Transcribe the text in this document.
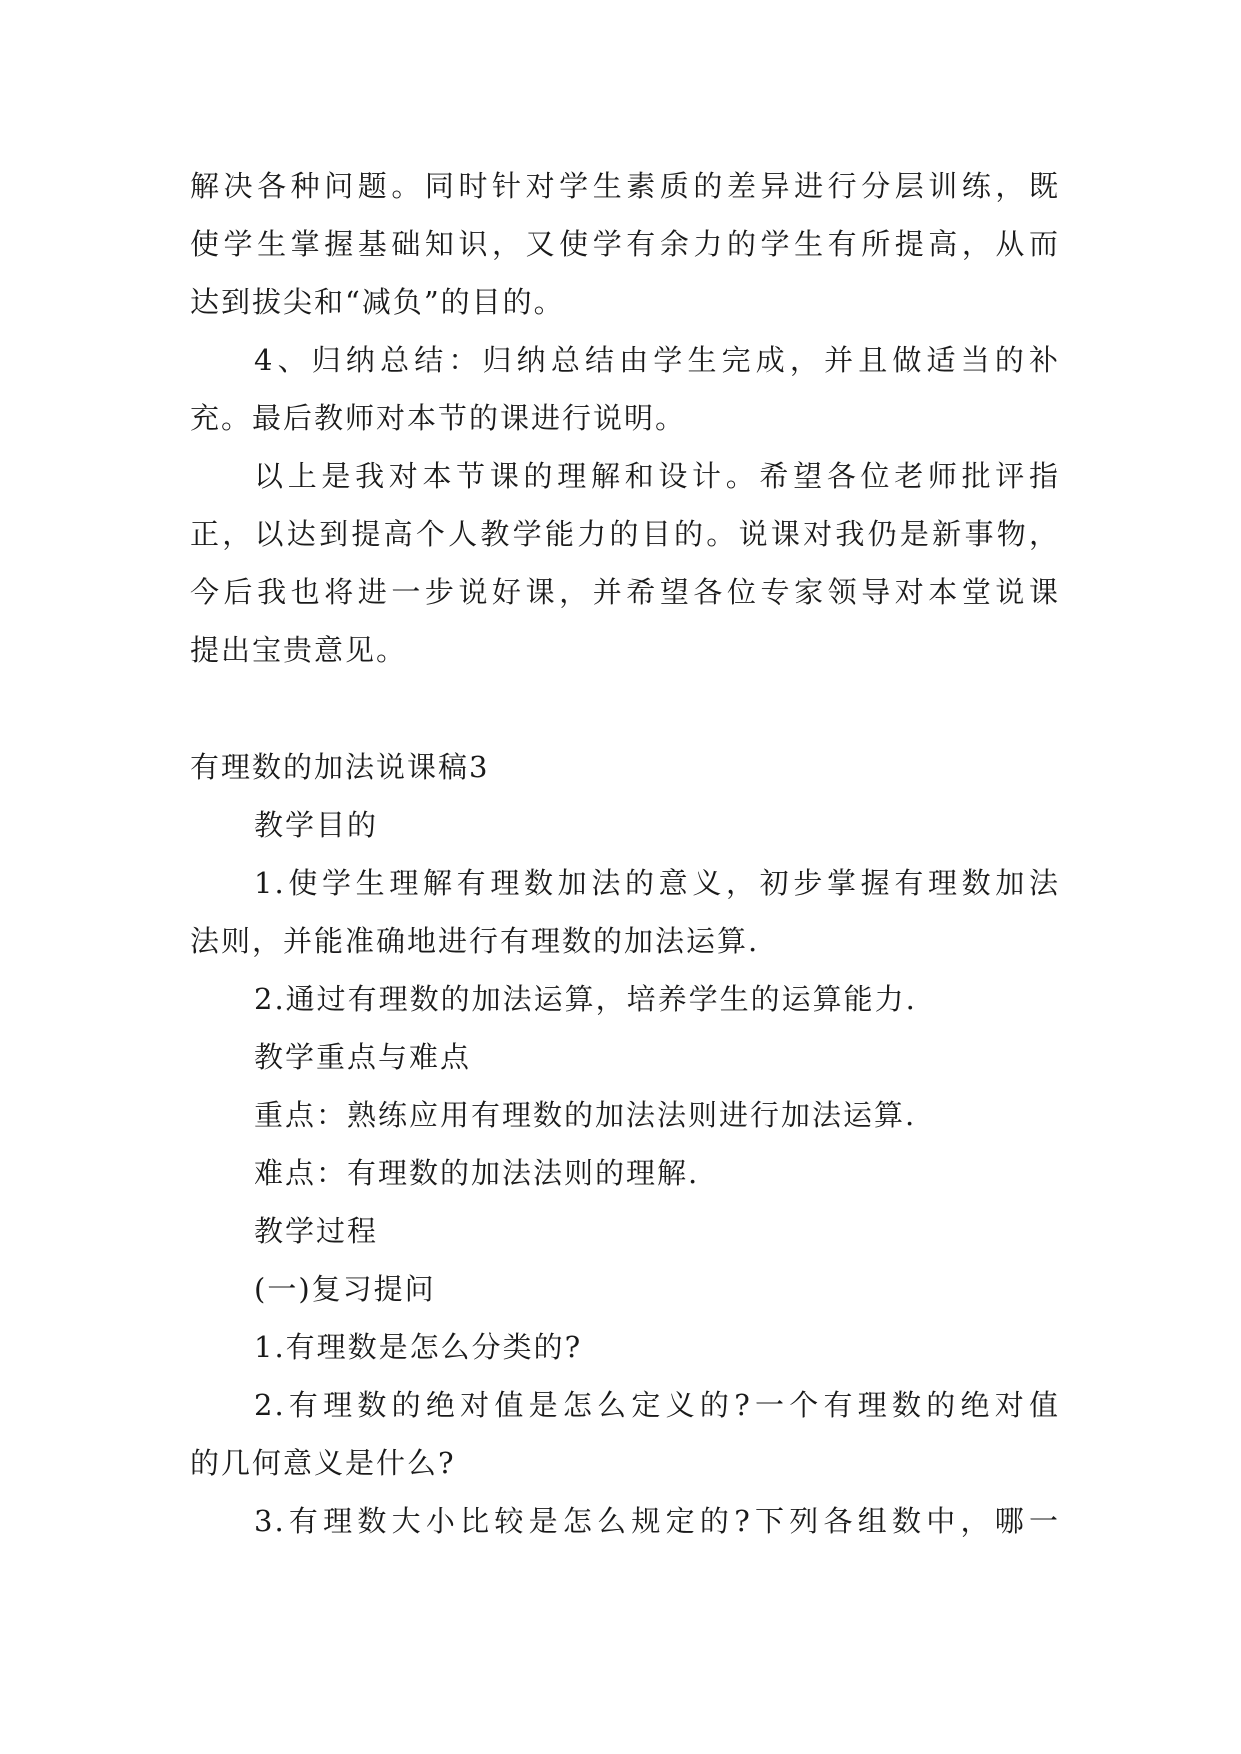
解决各种问题。同时针对学生素质的差异进行分层训练，既
使学生掌握基础知识，又使学有余力的学生有所提高，从而
达到拔尖和“减负”的目的。
4、归纳总结：归纳总结由学生完成，并且做适当的补
充。最后教师对本节的课进行说明。
以上是我对本节课的理解和设计。希望各位老师批评指
正，以达到提高个人教学能力的目的。说课对我仍是新事物，
今后我也将进一步说好课，并希望各位专家领导对本堂说课
提出宝贵意见。
有理数的加法说课稿3
教学目的
1.使学生理解有理数加法的意义，初步掌握有理数加法
法则，并能准确地进行有理数的加法运算.
2.通过有理数的加法运算，培养学生的运算能力.
教学重点与难点
重点：熟练应用有理数的加法法则进行加法运算.
难点：有理数的加法法则的理解.
教学过程
(一)复习提问
1.有理数是怎么分类的?
2.有理数的绝对值是怎么定义的?一个有理数的绝对值
的几何意义是什么?
3.有理数大小比较是怎么规定的?下列各组数中，哪一
